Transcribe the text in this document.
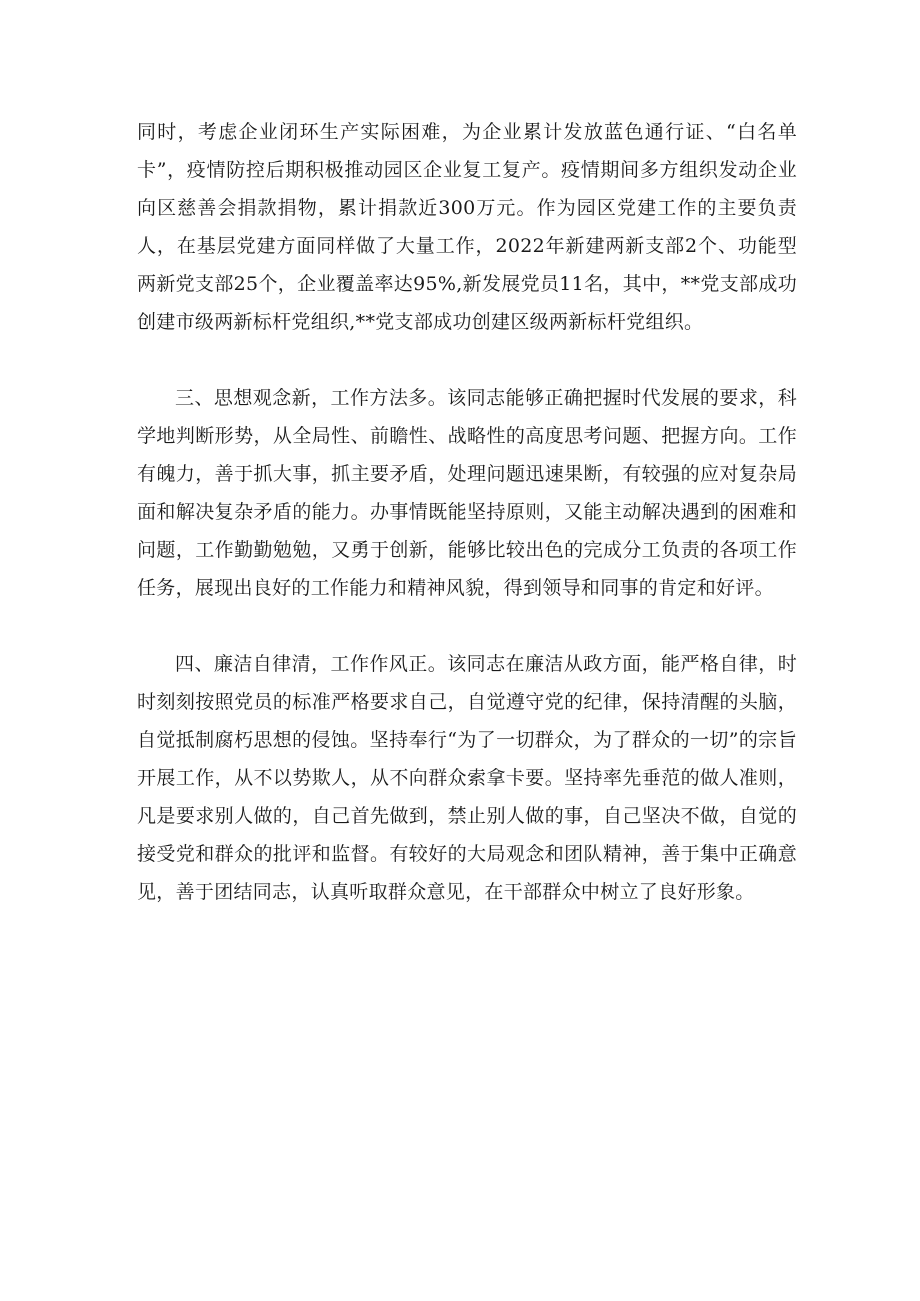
同时，考虑企业闭环生产实际困难，为企业累计发放蓝色通行证、“白名单卡”，疫情防控后期积极推动园区企业复工复产。疫情期间多方组织发动企业向区慈善会捐款捐物，累计捐款近300万元。作为园区党建工作的主要负责人，在基层党建方面同样做了大量工作，2022年新建两新支部2个、功能型两新党支部25个，企业覆盖率达95%,新发展党员11名，其中，**党支部成功创建市级两新标杆党组织,**党支部成功创建区级两新标杆党组织。

三、思想观念新，工作方法多。该同志能够正确把握时代发展的要求，科学地判断形势，从全局性、前瞻性、战略性的高度思考问题、把握方向。工作有魄力，善于抓大事，抓主要矛盾，处理问题迅速果断，有较强的应对复杂局面和解决复杂矛盾的能力。办事情既能坚持原则，又能主动解决遇到的困难和问题，工作勤勤勉勉，又勇于创新，能够比较出色的完成分工负责的各项工作任务，展现出良好的工作能力和精神风貌，得到领导和同事的肯定和好评。

四、廉洁自律清，工作作风正。该同志在廉洁从政方面，能严格自律，时时刻刻按照党员的标准严格要求自己，自觉遵守党的纪律，保持清醒的头脑，自觉抵制腐朽思想的侵蚀。坚持奉行“为了一切群众，为了群众的一切”的宗旨开展工作，从不以势欺人，从不向群众索拿卡要。坚持率先垂范的做人准则，凡是要求别人做的，自己首先做到，禁止别人做的事，自己坚决不做，自觉的接受党和群众的批评和监督。有较好的大局观念和团队精神，善于集中正确意见，善于团结同志，认真听取群众意见，在干部群众中树立了良好形象。
